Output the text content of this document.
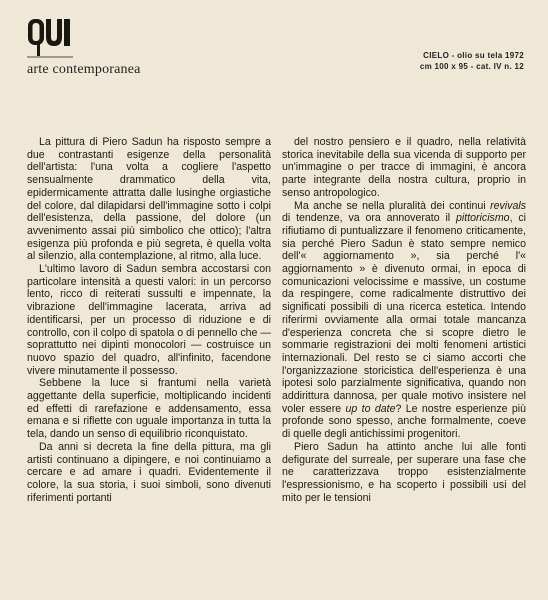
arte contemporanea
CIELO - olio su tela 1972
cm 100 x 95 - cat. IV n. 12

La pittura di Piero Sadun ha risposto sempre a due contrastanti esigenze della personalità dell'artista: l'una volta a cogliere l'aspetto sensualmente drammatico della vita, epidermicamente attratta dalle lusinghe orgiastiche del colore, dal dilapidarsi dell'immagine sotto i colpi dell'esistenza, della passione, del dolore (un avvenimento assai più simbolico che ottico); l'altra esigenza più profonda e più segreta, è quella volta al silenzio, alla contemplazione, al ritmo, alla luce.

L'ultimo lavoro di Sadun sembra accostarsi con particolare intensità a questi valori: in un percorso lento, ricco di reiterati sussulti e impennate, la vibrazione dell'immagine lacerata, arriva ad identificarsi, per un processo di riduzione e di controllo, con il colpo di spatola o di pennello che — soprattutto nei dipinti monocolori — costruisce un nuovo spazio del quadro, all'infinito, facendone vivere minutamente il possesso.

Sebbene la luce si frantumi nella varietà aggettante della superficie, moltiplicando incidenti ed effetti di rarefazione e addensamento, essa emana e si riflette con uguale importanza in tutta la tela, dando un senso di equilibrio riconquistato.

Da anni si decreta la fine della pittura, ma gli artisti continuano a dipingere, e noi continuiamo a cercare e ad amare i quadri. Evidentemente il colore, la sua storia, i suoi simboli, sono divenuti riferimenti portanti

del nostro pensiero e il quadro, nella relatività storica inevitabile della sua vicenda di supporto per un'immagine o per tracce di immagini, è ancora parte integrante della nostra cultura, proprio in senso antropologico.

Ma anche se nella pluralità dei continui revivals di tendenze, va ora annoverato il pittoricismo, ci rifiutiamo di puntualizzare il fenomeno criticamente, sia perché Piero Sadun è stato sempre nemico dell'« aggiornamento », sia perché l'« aggiornamento » è divenuto ormai, in epoca di comunicazioni velocissime e massive, un costume da respingere, come radicalmente distruttivo dei significati possibili di una ricerca estetica. Intendo riferirmi ovviamente alla ormai totale mancanza d'esperienza concreta che si scopre dietro le sommarie registrazioni dei molti fenomeni artistici internazionali. Del resto se ci siamo accorti che l'organizzazione storicistica dell'esperienza è una ipotesi solo parzialmente significativa, quando non addirittura dannosa, per quale motivo insistere nel voler essere up to date? Le nostre esperienze più profonde sono spesso, anche formalmente, coeve di quelle degli antichissimi progenitori.

Piero Sadun ha attinto anche lui alle fonti defigurate del surreale, per superare una fase che ne caratterizzava troppo esistenzialmente l'espressionismo, e ha scoperto i possibili usi del mito per le tensioni
